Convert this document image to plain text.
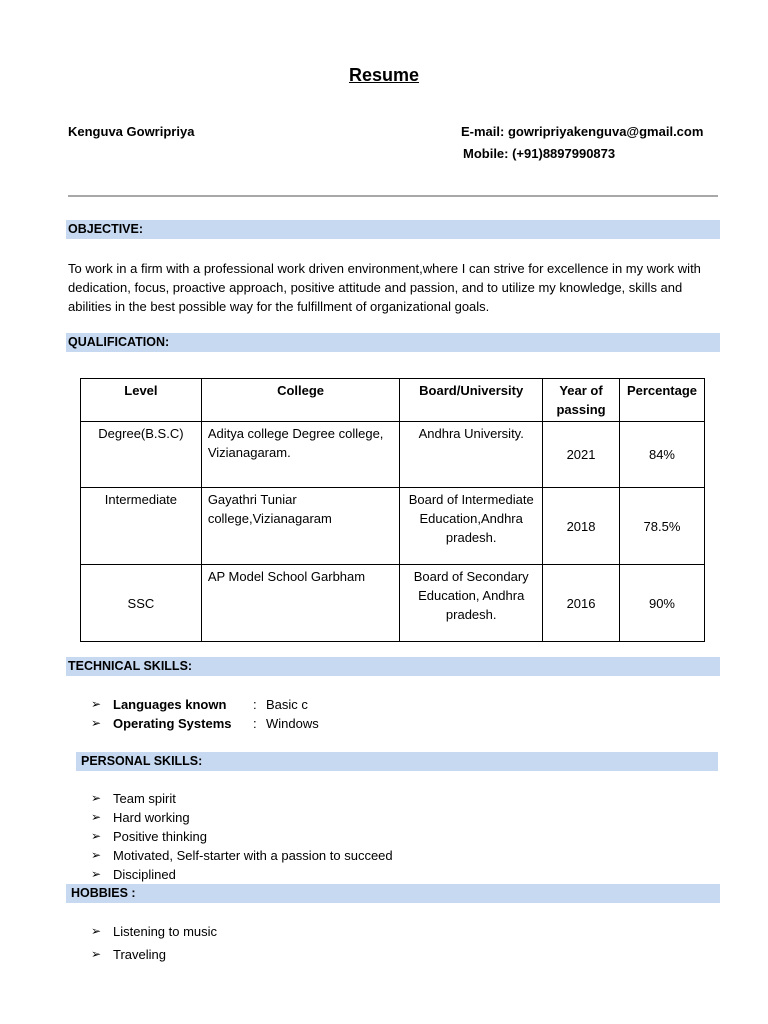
Resume
Kenguva Gowripriya	E-mail: gowripriyakenguva@gmail.com
Mobile: (+91)8897990873
OBJECTIVE:
To work in a firm with a professional work driven environment,where I can strive for excellence in my work with dedication, focus, proactive approach, positive attitude and passion, and to utilize my knowledge, skills and abilities in the best possible way for the fulfillment of organizational goals.
QUALIFICATION:
Level	College	Board/University	Year of passing	Percentage
Degree(B.S.C)	Aditya college Degree college, Vizianagaram.	Andhra University.	2021	84%
Intermediate	Gayathri Tuniar college,Vizianagaram	Board of Intermediate Education,Andhra pradesh.	2018	78.5%
SSC	AP Model School Garbham	Board of Secondary Education, Andhra pradesh.	2016	90%
TECHNICAL SKILLS:
➢ Languages known : Basic c
➢ Operating Systems : Windows
PERSONAL SKILLS:
➢ Team spirit
➢ Hard working
➢ Positive thinking
➢ Motivated, Self-starter with a passion to succeed
➢ Disciplined
HOBBIES :
➢ Listening to music
➢ Traveling
